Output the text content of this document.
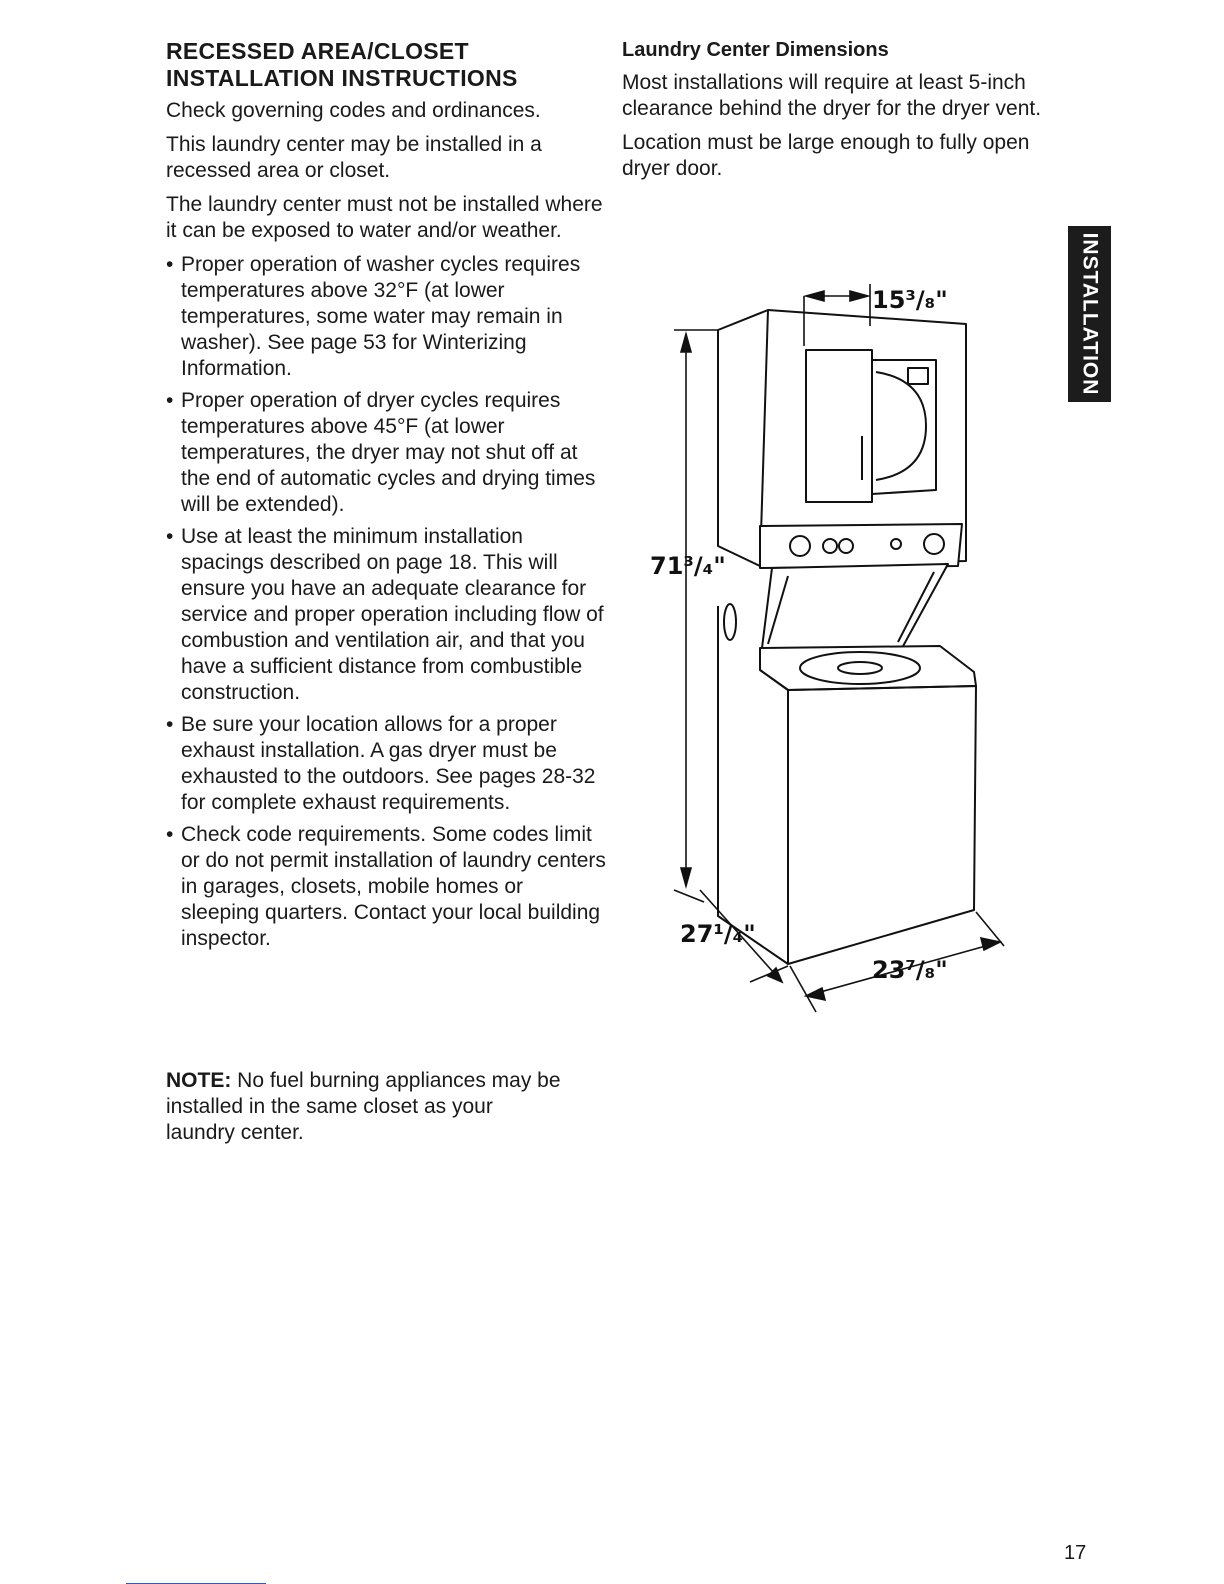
RECESSED AREA/CLOSET
INSTALLATION INSTRUCTIONS

Check governing codes and ordinances.

This laundry center may be installed in a recessed area or closet.

The laundry center must not be installed where it can be exposed to water and/or weather.

• Proper operation of washer cycles requires temperatures above 32°F (at lower temperatures, some water may remain in washer). See page 53 for Winterizing Information.
• Proper operation of dryer cycles requires temperatures above 45°F (at lower temperatures, the dryer may not shut off at the end of automatic cycles and drying times will be extended).
• Use at least the minimum installation spacings described on page 18. This will ensure you have an adequate clearance for service and proper operation including flow of combustion and ventilation air, and that you have a sufficient distance from combustible construction.
• Be sure your location allows for a proper exhaust installation. A gas dryer must be exhausted to the outdoors. See pages 28-32 for complete exhaust requirements.
• Check code requirements. Some codes limit or do not permit installation of laundry centers in garages, closets, mobile homes or sleeping quarters. Contact your local building inspector.
NOTE: No fuel burning appliances may be installed in the same closet as your laundry center.
Laundry Center Dimensions

Most installations will require at least 5-inch clearance behind the dryer for the dryer vent.

Location must be large enough to fully open dryer door.

INSTALLATION
15³/₈"
71³/₄"
27¹/₄"
23⁷/₈"
17
